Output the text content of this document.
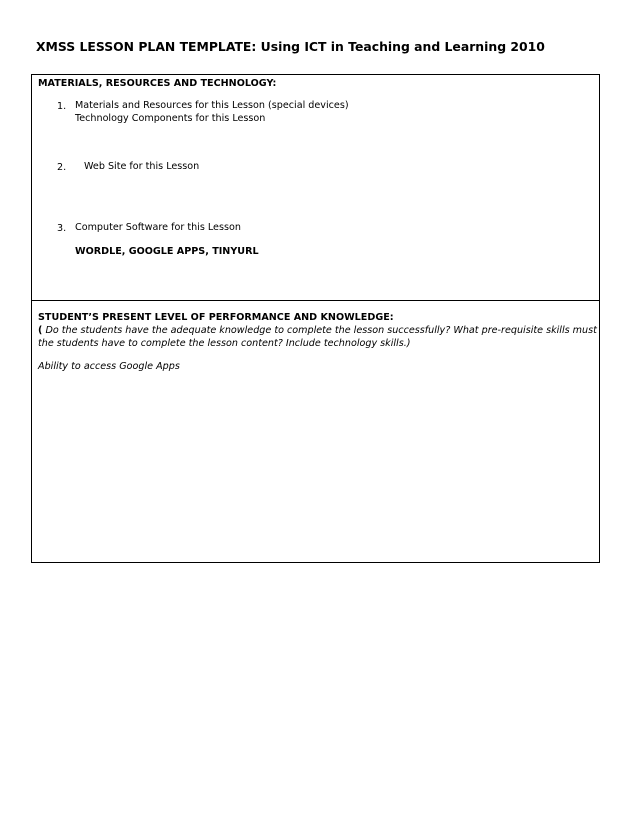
XMSS LESSON PLAN TEMPLATE: Using ICT in Teaching and Learning 2010
MATERIALS, RESOURCES AND TECHNOLOGY:
1. Materials and Resources for this Lesson (special devices)
Technology Components for this Lesson
2. Web Site for this Lesson
3. Computer Software for this Lesson
WORDLE, GOOGLE APPS, TINYURL
STUDENT’S PRESENT LEVEL OF PERFORMANCE AND KNOWLEDGE:
( Do the students have the adequate knowledge to complete the lesson successfully? What pre-requisite skills must the students have to complete the lesson content? Include technology skills.)
Ability to access Google Apps
